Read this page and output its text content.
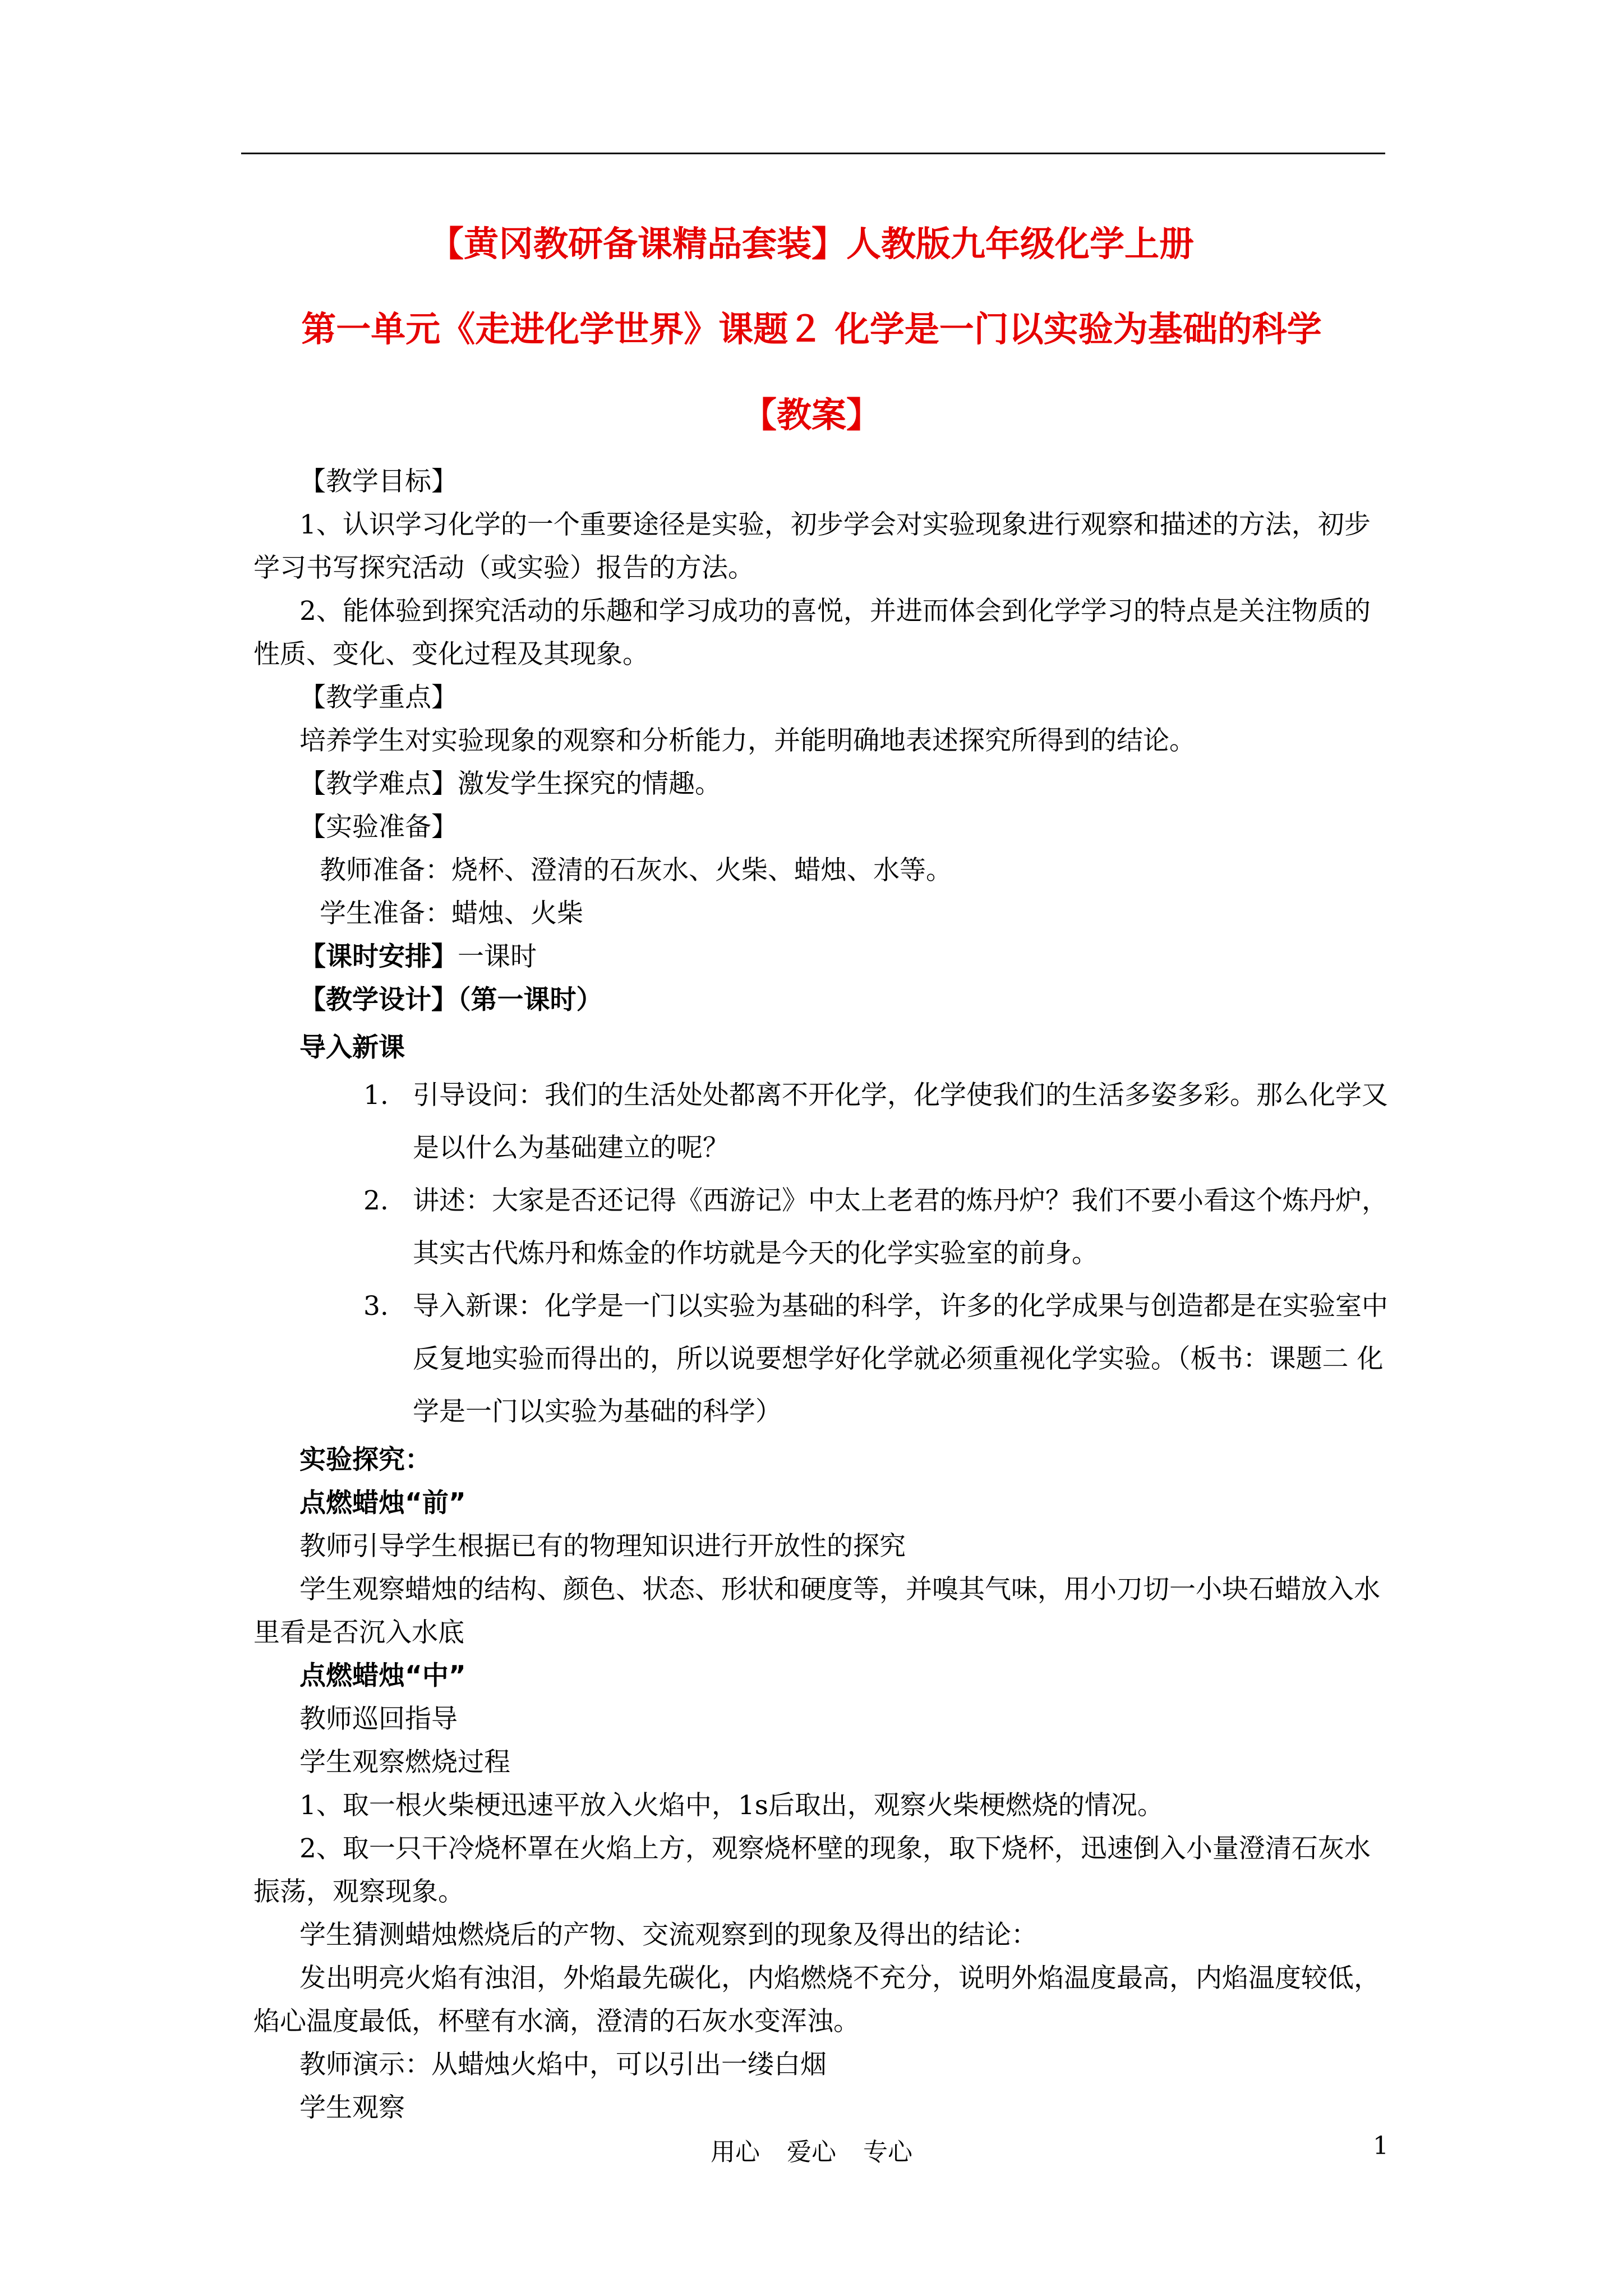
【黄冈教研备课精品套装】人教版九年级化学上册
第一单元《走进化学世界》课题２ 化学是一门以实验为基础的科学
【教案】

【教学目标】

1、认识学习化学的一个重要途径是实验，初步学会对实验现象进行观察和描述的方法，初步学习书写探究活动（或实验）报告的方法。

2、能体验到探究活动的乐趣和学习成功的喜悦，并进而体会到化学学习的特点是关注物质的性质、变化、变化过程及其现象。

【教学重点】

培养学生对实验现象的观察和分析能力，并能明确地表述探究所得到的结论。

【教学难点】激发学生探究的情趣。

【实验准备】

教师准备：烧杯、澄清的石灰水、火柴、蜡烛、水等。

学生准备：蜡烛、火柴

【课时安排】一课时

【教学设计】（第一课时）

导入新课

1. 引导设问：我们的生活处处都离不开化学，化学使我们的生活多姿多彩。那么化学又是以什么为基础建立的呢？
2. 讲述：大家是否还记得《西游记》中太上老君的炼丹炉？我们不要小看这个炼丹炉，其实古代炼丹和炼金的作坊就是今天的化学实验室的前身。
3. 导入新课：化学是一门以实验为基础的科学，许多的化学成果与创造都是在实验室中反复地实验而得出的，所以说要想学好化学就必须重视化学实验。（板书：课题二 化学是一门以实验为基础的科学）

实验探究：

点燃蜡烛“前”

教师引导学生根据已有的物理知识进行开放性的探究

学生观察蜡烛的结构、颜色、状态、形状和硬度等，并嗅其气味，用小刀切一小块石蜡放入水里看是否沉入水底

点燃蜡烛“中”

教师巡回指导

学生观察燃烧过程

1、取一根火柴梗迅速平放入火焰中，1s后取出，观察火柴梗燃烧的情况。

2、取一只干冷烧杯罩在火焰上方，观察烧杯壁的现象，取下烧杯，迅速倒入小量澄清石灰水振荡，观察现象。

学生猜测蜡烛燃烧后的产物、交流观察到的现象及得出的结论：

发出明亮火焰有浊泪，外焰最先碳化，内焰燃烧不充分，说明外焰温度最高，内焰温度较低，焰心温度最低，杯壁有水滴，澄清的石灰水变浑浊。

教师演示：从蜡烛火焰中，可以引出一缕白烟

学生观察

用心 爱心 专心	1
